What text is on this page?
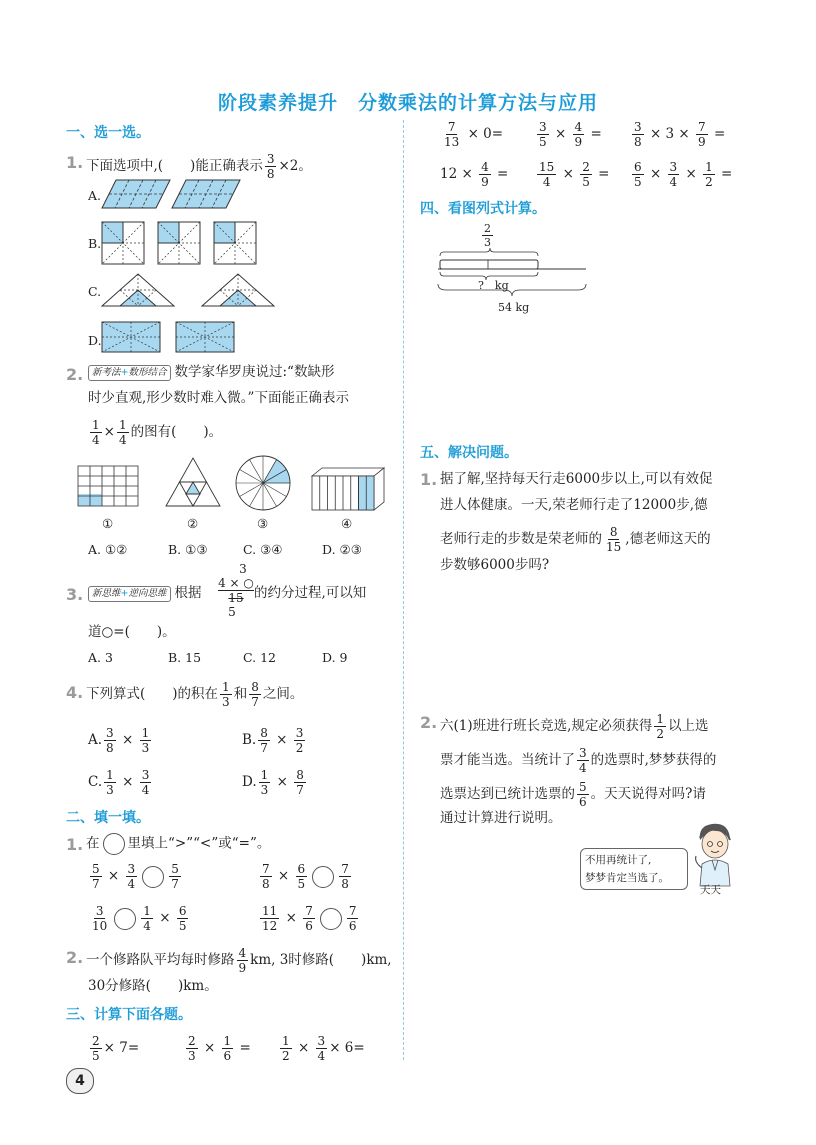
阶段素养提升　分数乘法的计算方法与应用
一、选一选。
1. 下面选项中,(　　)能正确表示 $\frac{3}{8} \times 2$。
A.
B.
C.
D.
2. 新考法+数形结合 数学家华罗庚说过:“数缺形
时少直观,形少数时难入微。”下面能正确表示
$\frac{1}{4} \times \frac{1}{4}$ 的图有(　　)。
①	②	③	④
A. ①②	B. ①③	C. ③④	D. ②③
3. 新思维+逆向思维 根据
3
4 × ○
15
5
的约分过程,可以知
道○=(　　)。
A. 3	B. 15	C. 12	D. 9
4. 下列算式(　　)的积在 $\frac{1}{3}$ 和 $\frac{8}{7}$ 之间。
A. $\frac{3}{8} \times \frac{1}{3}$	B. $\frac{8}{7} \times \frac{3}{2}$
C. $\frac{1}{3} \times \frac{3}{4}$	D. $\frac{1}{3} \times \frac{8}{7}$
二、填一填。
1. 在 里填上“>”“<”或“=”。
$\frac{5}{7} \times \frac{3}{4}$	$\frac{5}{7}$	$\frac{7}{8} \times \frac{6}{5}$	$\frac{7}{8}$
$\frac{3}{10}$	$\frac{1}{4} \times \frac{6}{5}$	$\frac{11}{12} \times \frac{7}{6}$	$\frac{7}{6}$
2. 一个修路队平均每时修路 $\frac{4}{9}$ km, 3时修路(　　)km,
30分修路(　　)km。
三、计算下面各题。
$\frac{2}{5} \times 7=$	$\frac{2}{3} \times \frac{1}{6} = \frac{1}{2} \times \frac{3}{4} \times 6=$
4
$\frac{7}{13} \times 0=$	$\frac{3}{5} \times \frac{4}{9}$ =	$\frac{3}{8} \times 3 \times \frac{7}{9}$ =
$12 \times \frac{4}{9} = \frac{15}{4} \times \frac{2}{5} = \frac{6}{5} \times \frac{3}{4} \times \frac{1}{2}$ =
四、看图列式计算。
2
3
?　kg
54 kg
五、解决问题。
1. 据了解,坚持每天行走6000步以上,可以有效促
进人体健康。一天,荣老师行走了12000步,德
老师行走的步数是荣老师的 $\frac{8}{15}$ ,德老师这天的
步数够6000步吗?
2. 六(1)班进行班长竞选,规定必须获得 $\frac{1}{2}$ 以上选
票才能当选。当统计了 $\frac{3}{4}$ 的选票时,梦梦获得的
选票达到已统计选票的 $\frac{5}{6}$ 。天天说得对吗?请
通过计算进行说明。
不用再统计了,
梦梦肯定当选了。
天天
